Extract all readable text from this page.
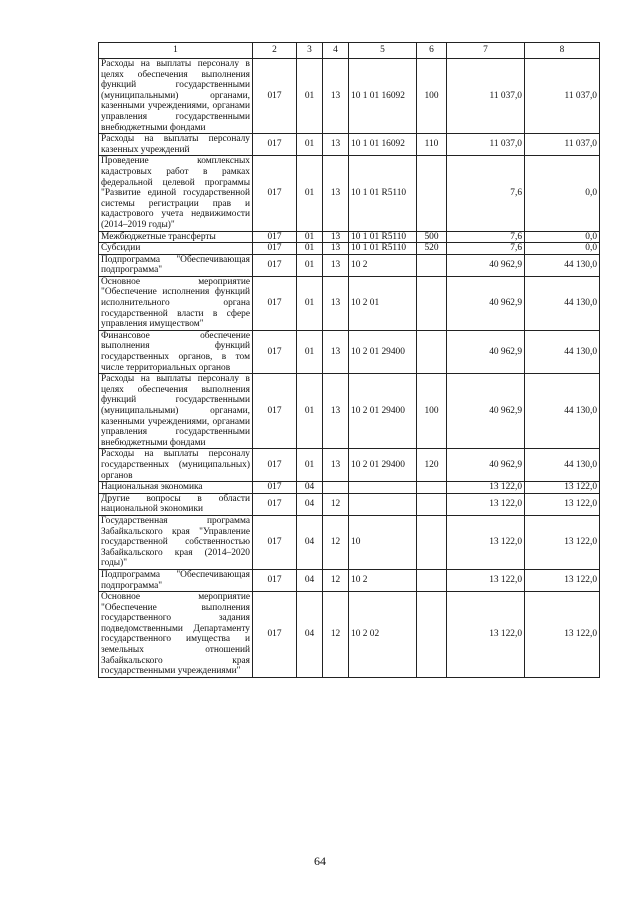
1	2	3	4	5	6	7	8
Расходы на выплаты персоналу в целях обеспечения выполнения функций государственными (муниципальными) органами, казенными учреждениями, органами управления государственными внебюджетными фондами	017	01	13	10 1 01 16092	100	11 037,0	11 037,0
Расходы на выплаты персоналу казенных учреждений	017	01	13	10 1 01 16092	110	11 037,0	11 037,0
Проведение комплексных кадастровых работ в рамках федеральной целевой программы "Развитие единой государственной системы регистрации прав и кадастрового учета недвижимости (2014–2019 годы)"	017	01	13	10 1 01 R5110		7,6	0,0
Межбюджетные трансферты	017	01	13	10 1 01 R5110	500	7,6	0,0
Субсидии	017	01	13	10 1 01 R5110	520	7,6	0,0
Подпрограмма "Обеспечивающая подпрограмма"	017	01	13	10 2		40 962,9	44 130,0
Основное мероприятие "Обеспечение исполнения функций исполнительного органа государственной власти в сфере управления имуществом"	017	01	13	10 2 01		40 962,9	44 130,0
Финансовое обеспечение выполнения функций государственных органов, в том числе территориальных органов	017	01	13	10 2 01 29400		40 962,9	44 130,0
Расходы на выплаты персоналу в целях обеспечения выполнения функций государственными (муниципальными) органами, казенными учреждениями, органами управления государственными внебюджетными фондами	017	01	13	10 2 01 29400	100	40 962,9	44 130,0
Расходы на выплаты персоналу государственных (муниципальных) органов	017	01	13	10 2 01 29400	120	40 962,9	44 130,0
Национальная экономика	017	04				13 122,0	13 122,0
Другие вопросы в области национальной экономики	017	04	12			13 122,0	13 122,0
Государственная программа Забайкальского края "Управление государственной собственностью Забайкальского края (2014–2020 годы)"	017	04	12	10		13 122,0	13 122,0
Подпрограмма "Обеспечивающая подпрограмма"	017	04	12	10 2		13 122,0	13 122,0
Основное мероприятие "Обеспечение выполнения государственного задания подведомственными Департаменту государственного имущества и земельных отношений Забайкальского края государственными учреждениями"	017	04	12	10 2 02		13 122,0	13 122,0
64
